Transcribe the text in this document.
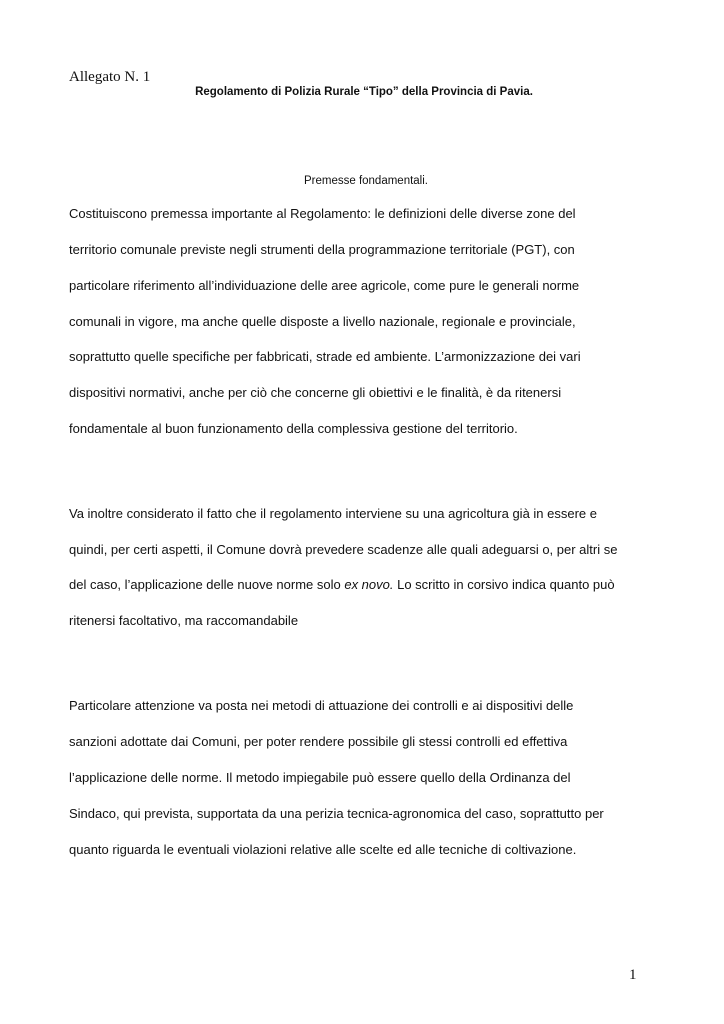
Allegato N. 1
Regolamento di Polizia Rurale “Tipo” della Provincia di Pavia.
Premesse fondamentali.
Costituiscono premessa importante al Regolamento: le definizioni delle diverse zone del
territorio comunale previste negli strumenti della programmazione territoriale (PGT), con
particolare riferimento all’individuazione delle aree agricole, come pure le generali norme
comunali in vigore, ma anche quelle disposte a livello nazionale, regionale e provinciale,
soprattutto quelle specifiche per fabbricati, strade ed ambiente. L’armonizzazione dei vari
dispositivi normativi, anche per ciò che concerne gli obiettivi e le finalità, è da ritenersi
fondamentale al buon funzionamento della complessiva gestione del territorio.
Va inoltre considerato il fatto che il regolamento interviene su una agricoltura già in essere e
quindi, per certi aspetti, il Comune dovrà prevedere scadenze alle quali adeguarsi o, per altri se
del caso, l’applicazione delle nuove norme solo ex novo. Lo scritto in corsivo indica quanto può
ritenersi facoltativo, ma raccomandabile
Particolare attenzione va posta nei metodi di attuazione dei controlli e ai dispositivi delle
sanzioni adottate dai Comuni, per poter rendere possibile gli stessi controlli ed effettiva
l’applicazione delle norme. Il metodo impiegabile può essere quello della Ordinanza del
Sindaco, qui prevista, supportata da una perizia tecnica-agronomica del caso, soprattutto per
quanto riguarda le eventuali violazioni relative alle scelte ed alle tecniche di coltivazione.
1
